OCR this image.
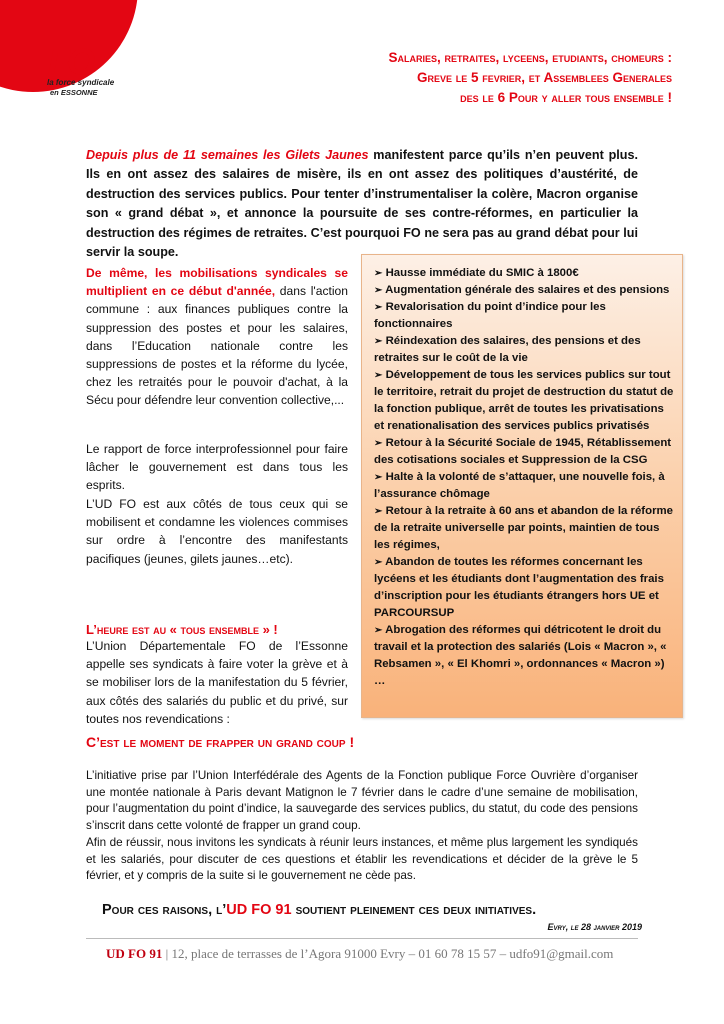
FO
la force syndicale
en ESSONNE
Salaries, retraites, lyceens, etudiants, chomeurs :
Greve le 5 fevrier, et Assemblees Generales
des le 6 Pour y aller tous ensemble !
Depuis plus de 11 semaines les Gilets Jaunes manifestent parce qu’ils n’en peuvent plus. Ils en ont assez des salaires de misère, ils en ont assez des politiques d’austérité, de destruction des services publics. Pour tenter d’instrumentaliser la colère, Macron organise son « grand débat », et annonce la poursuite de ses contre-réformes, en particulier la destruction des régimes de retraites. C’est pourquoi FO ne sera pas au grand débat pour lui servir la soupe.
De même, les mobilisations syndicales se multiplient en ce début d'année, dans l'action commune : aux finances publiques contre la suppression des postes et pour les salaires, dans l’Education nationale contre les suppressions de postes et la réforme du lycée, chez les retraités pour le pouvoir d'achat, à la Sécu pour défendre leur convention collective,...
Le rapport de force interprofessionnel pour faire lâcher le gouvernement est dans tous les esprits.
L’UD FO est aux côtés de tous ceux qui se mobilisent et condamne les violences commises sur ordre à l’encontre des manifestants pacifiques (jeunes, gilets jaunes…etc).
L’heure est au « tous ensemble » !
L’Union Départementale FO de l’Essonne appelle ses syndicats à faire voter la grève et à se mobiliser lors de la manifestation du 5 février, aux côtés des salariés du public et du privé, sur toutes nos revendications :
➢ Hausse immédiate du SMIC à 1800€
➢ Augmentation générale des salaires et des pensions
➢ Revalorisation du point d’indice pour les fonctionnaires
➢ Réindexation des salaires, des pensions et des retraites sur le coût de la vie
➢ Développement de tous les services publics sur tout le territoire, retrait du projet de destruction du statut de la fonction publique, arrêt de toutes les privatisations et renationalisation des services publics privatisés
➢ Retour à la Sécurité Sociale de 1945, Rétablissement des cotisations sociales et Suppression de la CSG
➢ Halte à la volonté de s’attaquer, une nouvelle fois, à l’assurance chômage
➢ Retour à la retraite à 60 ans et abandon de la réforme de la retraite universelle par points, maintien de tous les régimes,
➢ Abandon de toutes les réformes concernant les lycéens et les étudiants dont l’augmentation des frais d’inscription pour les étudiants étrangers hors UE et PARCOURSUP
➢ Abrogation des réformes qui détricotent le droit du travail et la protection des salariés (Lois « Macron », « Rebsamen », « El Khomri », ordonnances « Macron »)
…
C’est le moment de frapper un grand coup !

L’initiative prise par l’Union Interfédérale des Agents de la Fonction publique Force Ouvrière d’organiser une montée nationale à Paris devant Matignon le 7 février dans le cadre d’une semaine de mobilisation, pour l’augmentation du point d’indice, la sauvegarde des services publics, du statut, du code des pensions s’inscrit dans cette volonté de frapper un grand coup.

Afin de réussir, nous invitons les syndicats à réunir leurs instances, et même plus largement les syndiqués et les salariés, pour discuter de ces questions et établir les revendications et décider de la grève le 5 février, et y compris de la suite si le gouvernement ne cède pas.

Pour ces raisons, l’UD FO 91 soutient pleinement ces deux initiatives.
Evry, le 28 janvier 2019
UD FO 91 | 12, place de terrasses de l’Agora 91000 Evry – 01 60 78 15 57 – udfo91@gmail.com
